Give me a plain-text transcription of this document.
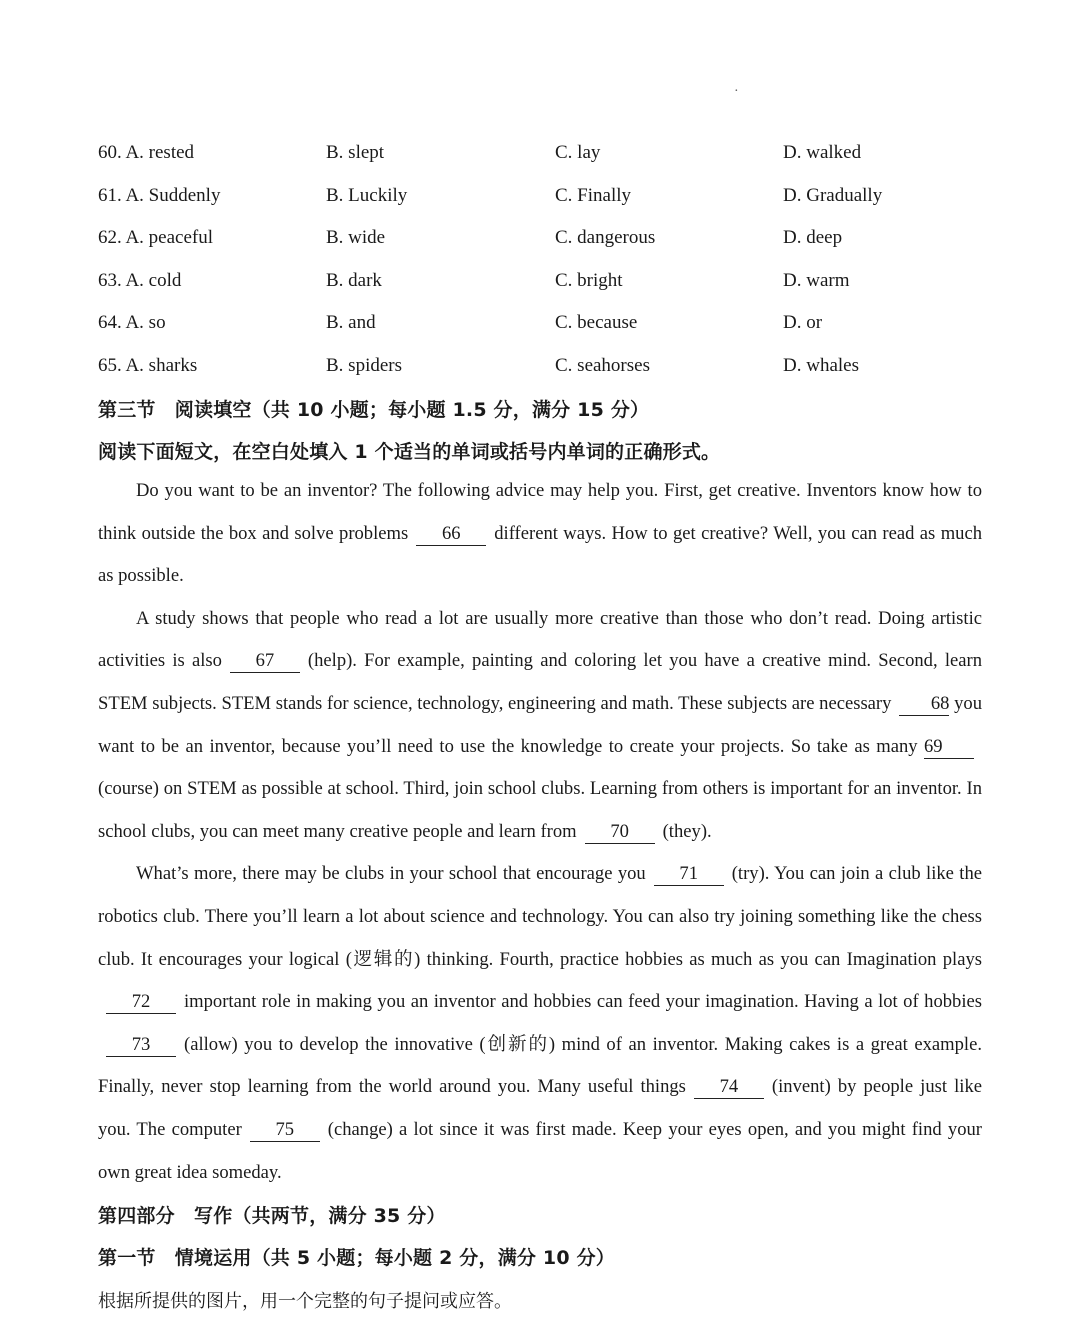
·
60. A. rested	B. slept	C. lay	D. walked
61. A. Suddenly	B. Luckily	C. Finally	D. Gradually
62. A. peaceful	B. wide	C. dangerous	D. deep
63. A. cold	B. dark	C. bright	D. warm
64. A. so	B. and	C. because	D. or
65. A. sharks	B. spiders	C. seahorses	D. whales
第三节　阅读填空（共 10 小题；每小题 1.5 分，满分 15 分）
阅读下面短文，在空白处填入 1 个适当的单词或括号内单词的正确形式。

Do you want to be an inventor? The following advice may help you. First, get creative. Inventors know how to think outside the box and solve problems 66 different ways. How to get creative? Well, you can read as much as possible.

A study shows that people who read a lot are usually more creative than those who don’t read. Doing artistic activities is also 67 (help). For example, painting and coloring let you have a creative mind. Second, learn STEM subjects. STEM stands for science, technology, engineering and math. These subjects are necessary 68 you want to be an inventor, because you’ll need to use the knowledge to create your projects. So take as many 69(course) on STEM as possible at school. Third, join school clubs. Learning from others is important for an inventor. In school clubs, you can meet many creative people and learn from 70 (they).

What’s more, there may be clubs in your school that encourage you 71 (try). You can join a club like the robotics club. There you’ll learn a lot about science and technology. You can also try joining something like the chess club. It encourages your logical (逻辑的) thinking. Fourth, practice hobbies as much as you can Imagination plays72 important role in making you an inventor and hobbies can feed your imagination. Having a lot of hobbies73 (allow) you to develop the innovative (创新的) mind of an inventor. Making cakes is a great example. Finally, never stop learning from the world around you. Many useful things 74 (invent) by people just like you. The computer 75 (change) a lot since it was first made. Keep your eyes open, and you might find your own great idea someday.

第四部分　写作（共两节，满分 35 分）
第一节　情境运用（共 5 小题；每小题 2 分，满分 10 分）
根据所提供的图片，用一个完整的句子提问或应答。
